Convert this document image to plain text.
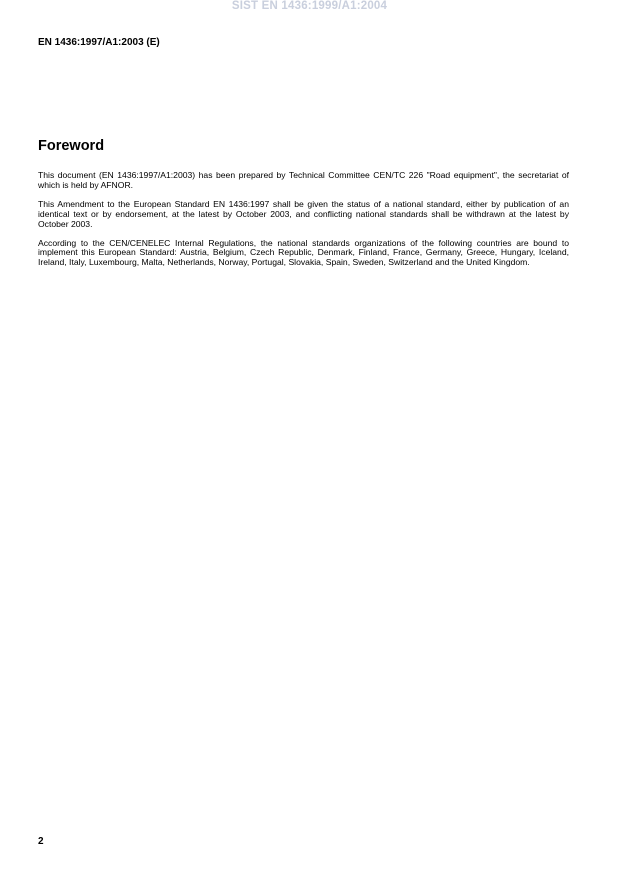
SIST EN 1436:1999/A1:2004
EN 1436:1997/A1:2003 (E)
Foreword

This document (EN 1436:1997/A1:2003) has been prepared by Technical Committee CEN/TC 226 "Road equipment", the secretariat of which is held by AFNOR.

This Amendment to the European Standard EN 1436:1997 shall be given the status of a national standard, either by publication of an identical text or by endorsement, at the latest by October 2003, and conflicting national standards shall be withdrawn at the latest by October 2003.

According to the CEN/CENELEC Internal Regulations, the national standards organizations of the following countries are bound to implement this European Standard: Austria, Belgium, Czech Republic, Denmark, Finland, France, Germany, Greece, Hungary, Iceland, Ireland, Italy, Luxembourg, Malta, Netherlands, Norway, Portugal, Slovakia, Spain, Sweden, Switzerland and the United Kingdom.

2
